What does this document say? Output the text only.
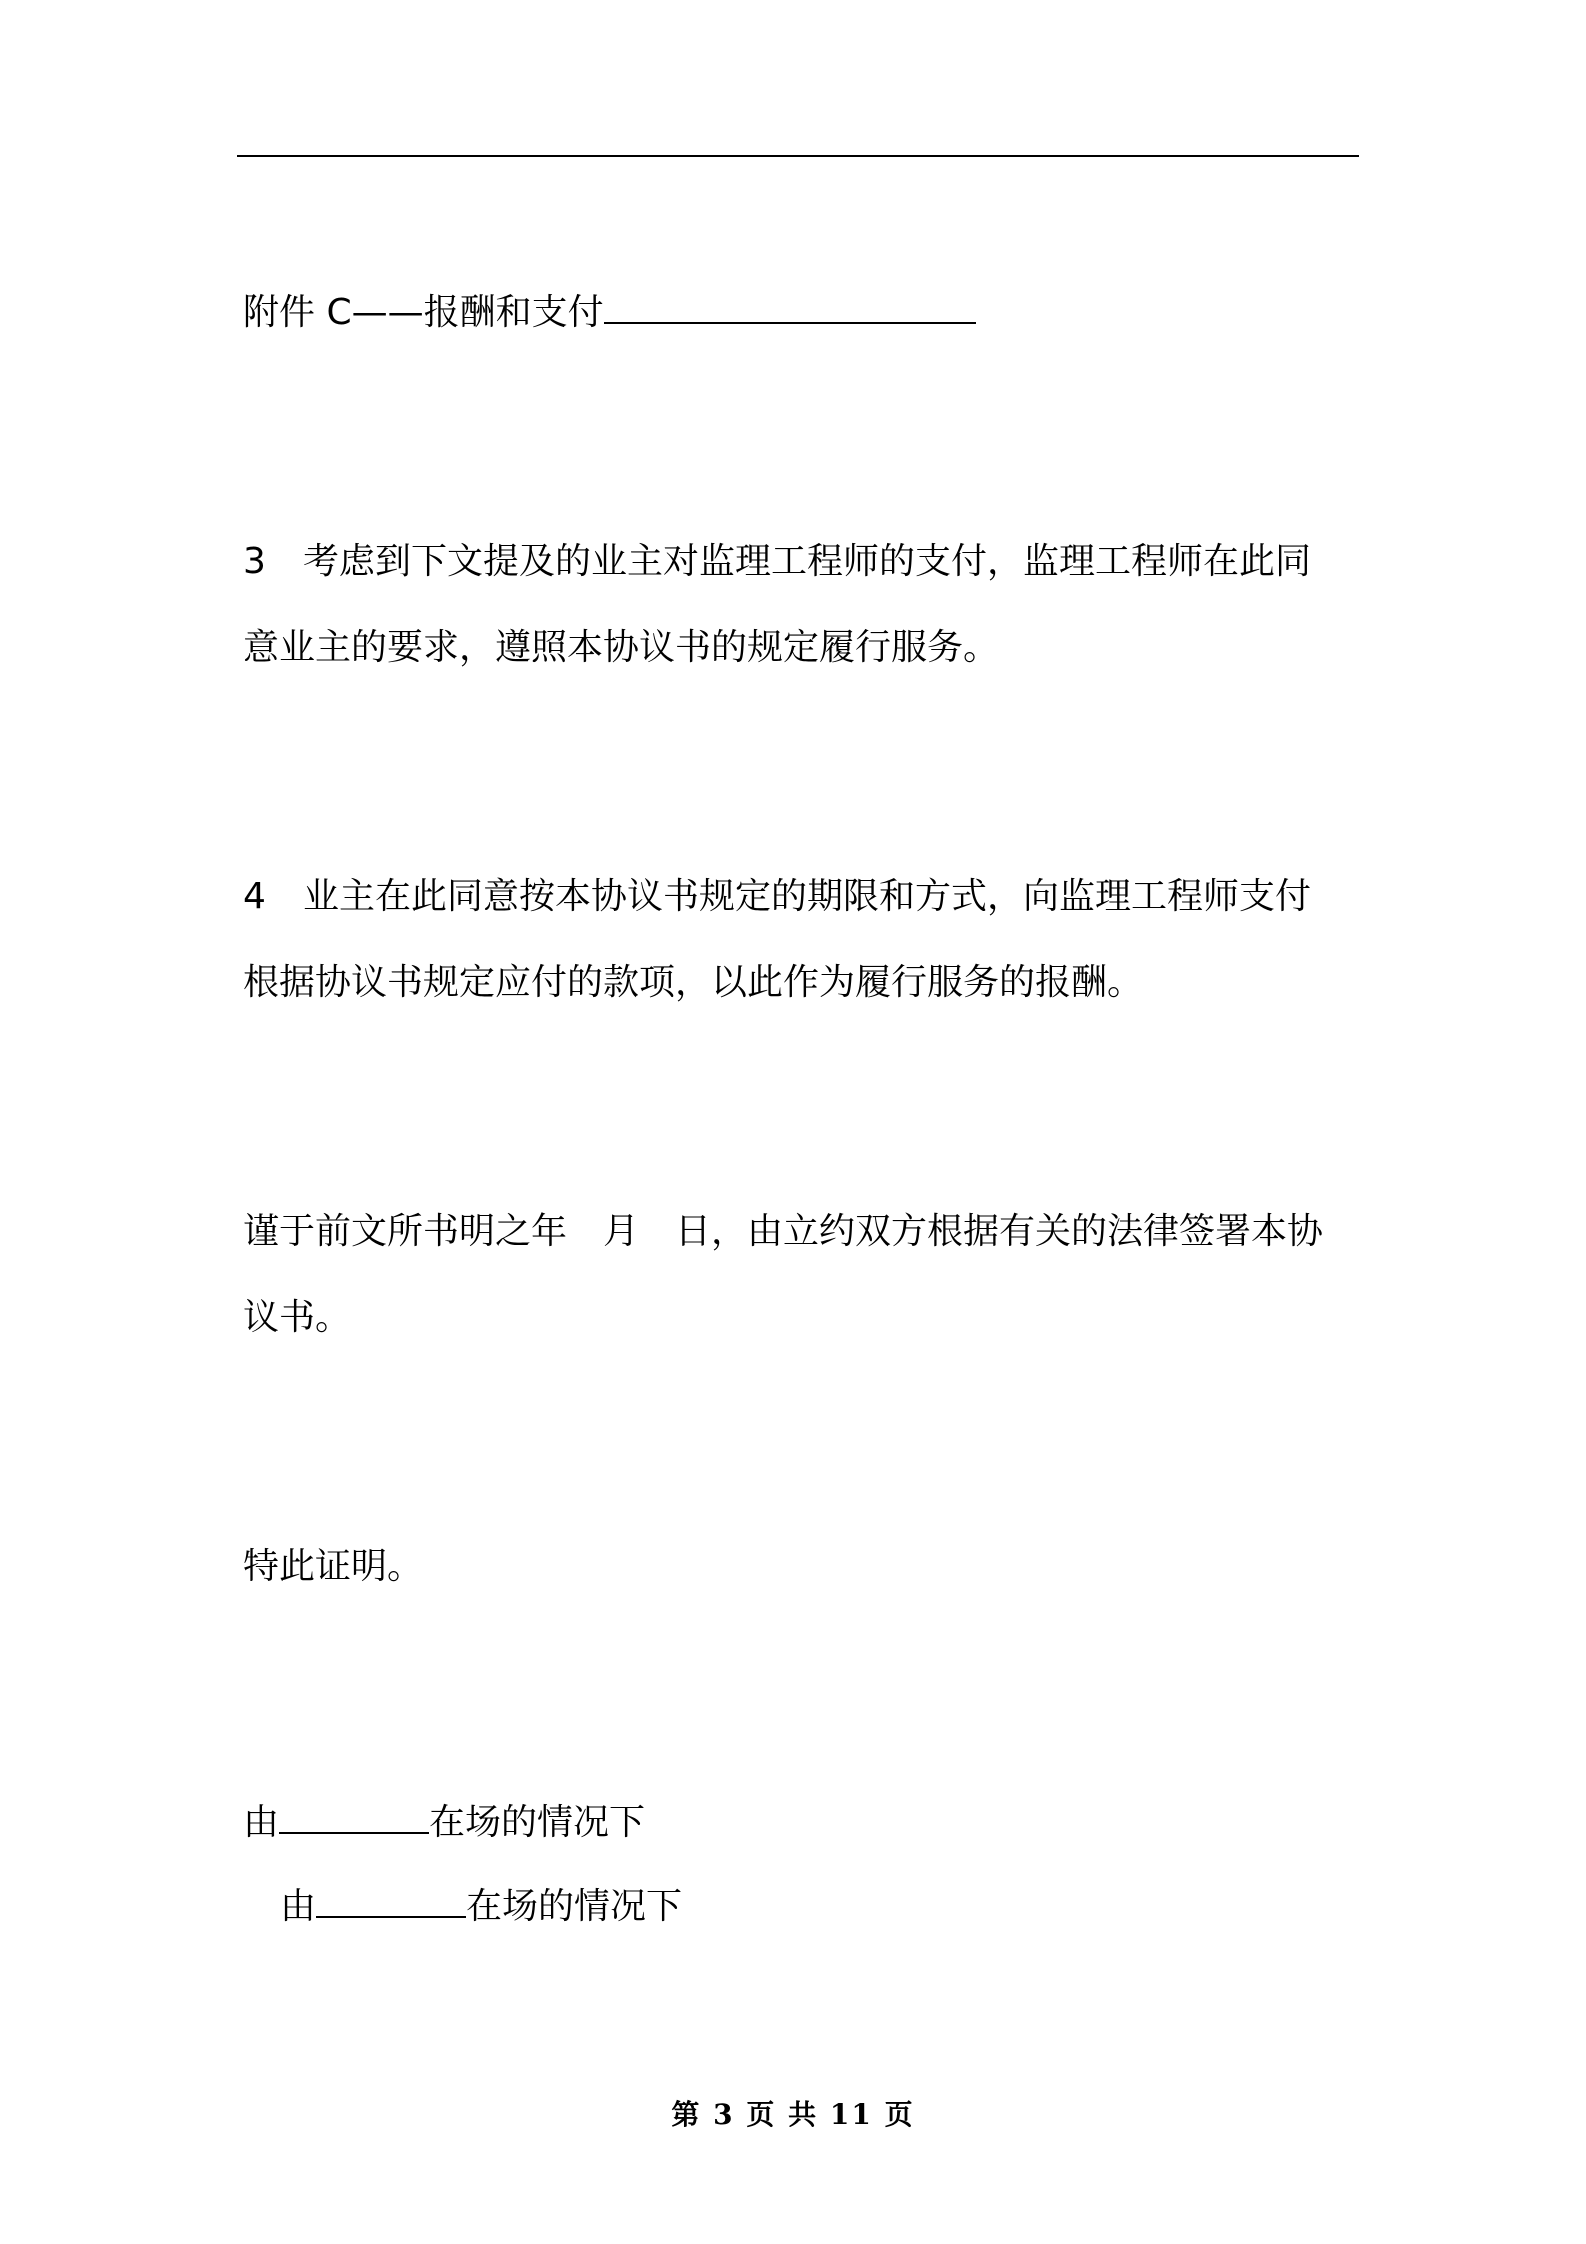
附件 C——报酬和支付
3 考虑到下文提及的业主对监理工程师的支付，监理工程师在此同
意业主的要求，遵照本协议书的规定履行服务。
4 业主在此同意按本协议书规定的期限和方式，向监理工程师支付
根据协议书规定应付的款项，以此作为履行服务的报酬。
谨于前文所书明之年 月 日，由立约双方根据有关的法律签署本协
议书。
特此证明。
由	在场的情况下
由	在场的情况下
第 3 页 共 11 页
